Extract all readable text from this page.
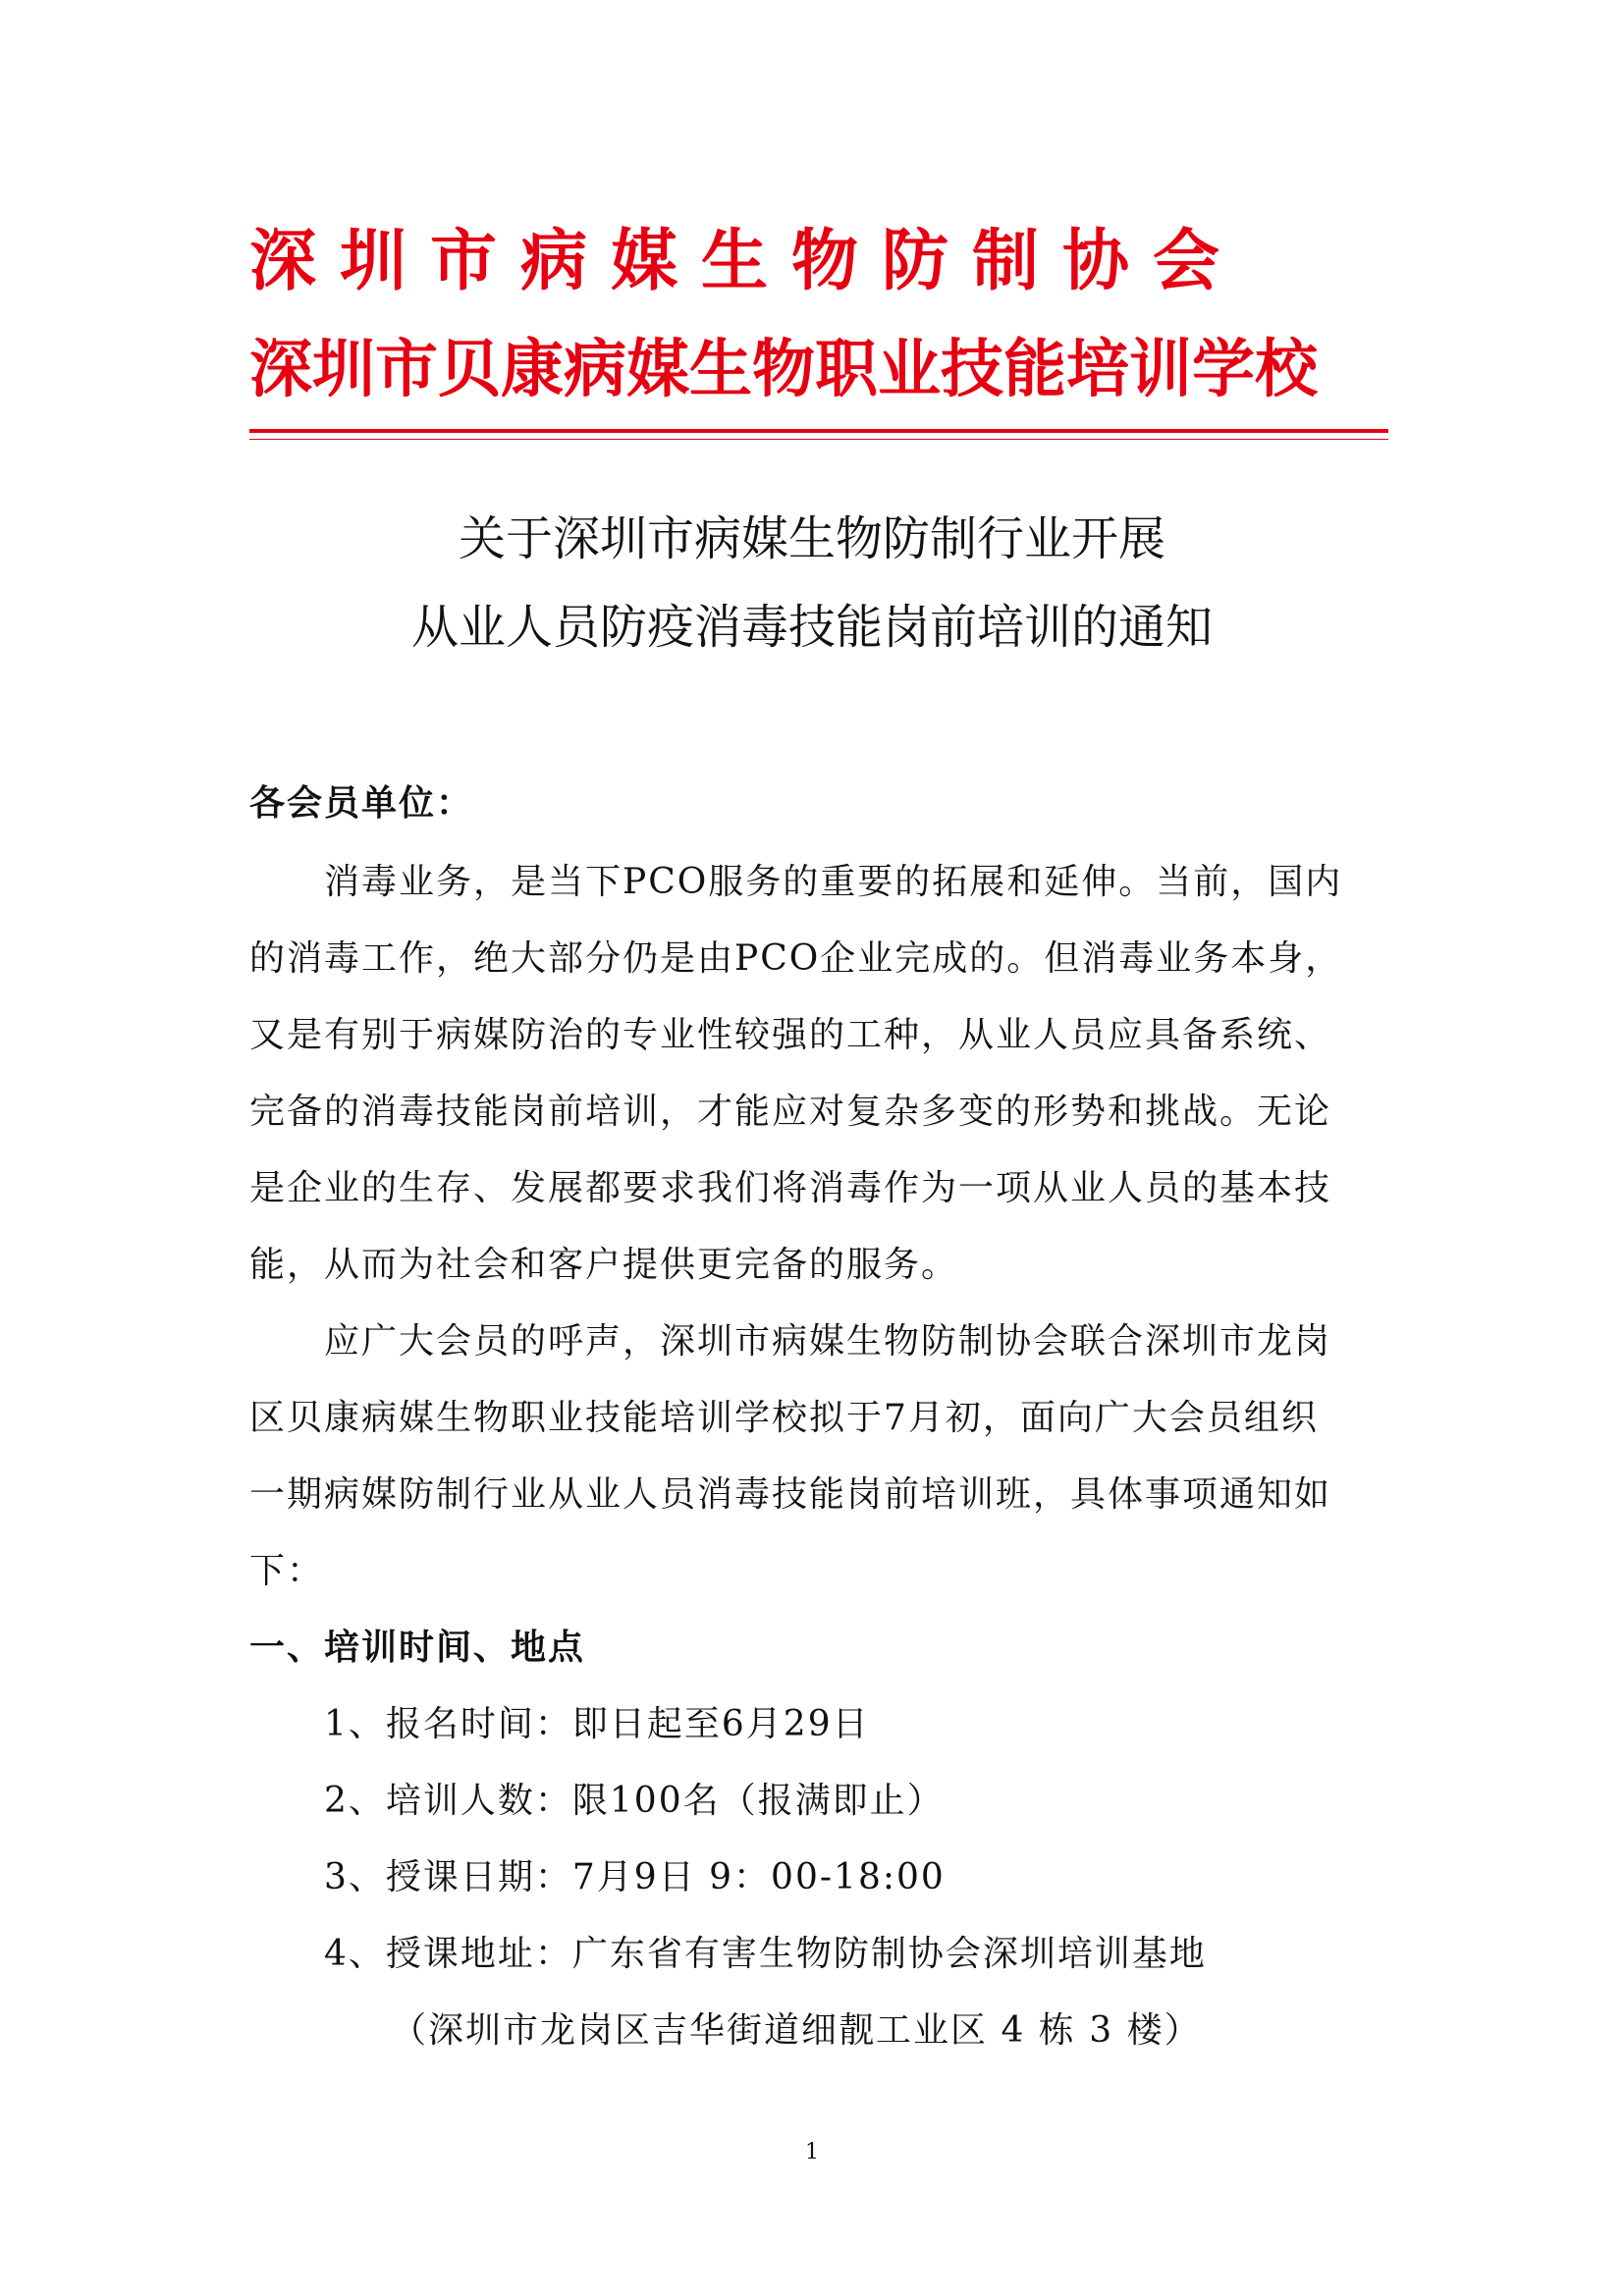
深圳市病媒生物防制协会
深圳市贝康病媒生物职业技能培训学校
关于深圳市病媒生物防制行业开展
从业人员防疫消毒技能岗前培训的通知

各会员单位：

消毒业务，是当下PCO服务的重要的拓展和延伸。当前，国内

的消毒工作，绝大部分仍是由PCO企业完成的。但消毒业务本身，

又是有别于病媒防治的专业性较强的工种，从业人员应具备系统、

完备的消毒技能岗前培训，才能应对复杂多变的形势和挑战。无论

是企业的生存、发展都要求我们将消毒作为一项从业人员的基本技

能，从而为社会和客户提供更完备的服务。

应广大会员的呼声，深圳市病媒生物防制协会联合深圳市龙岗

区贝康病媒生物职业技能培训学校拟于7月初，面向广大会员组织

一期病媒防制行业从业人员消毒技能岗前培训班，具体事项通知如

下：

一、培训时间、地点

1、报名时间：即日起至6月29日

2、培训人数：限100名（报满即止）

3、授课日期：7月9日 9：00-18:00

4、授课地址：广东省有害生物防制协会深圳培训基地

（深圳市龙岗区吉华街道细靓工业区 4 栋 3 楼）

1
